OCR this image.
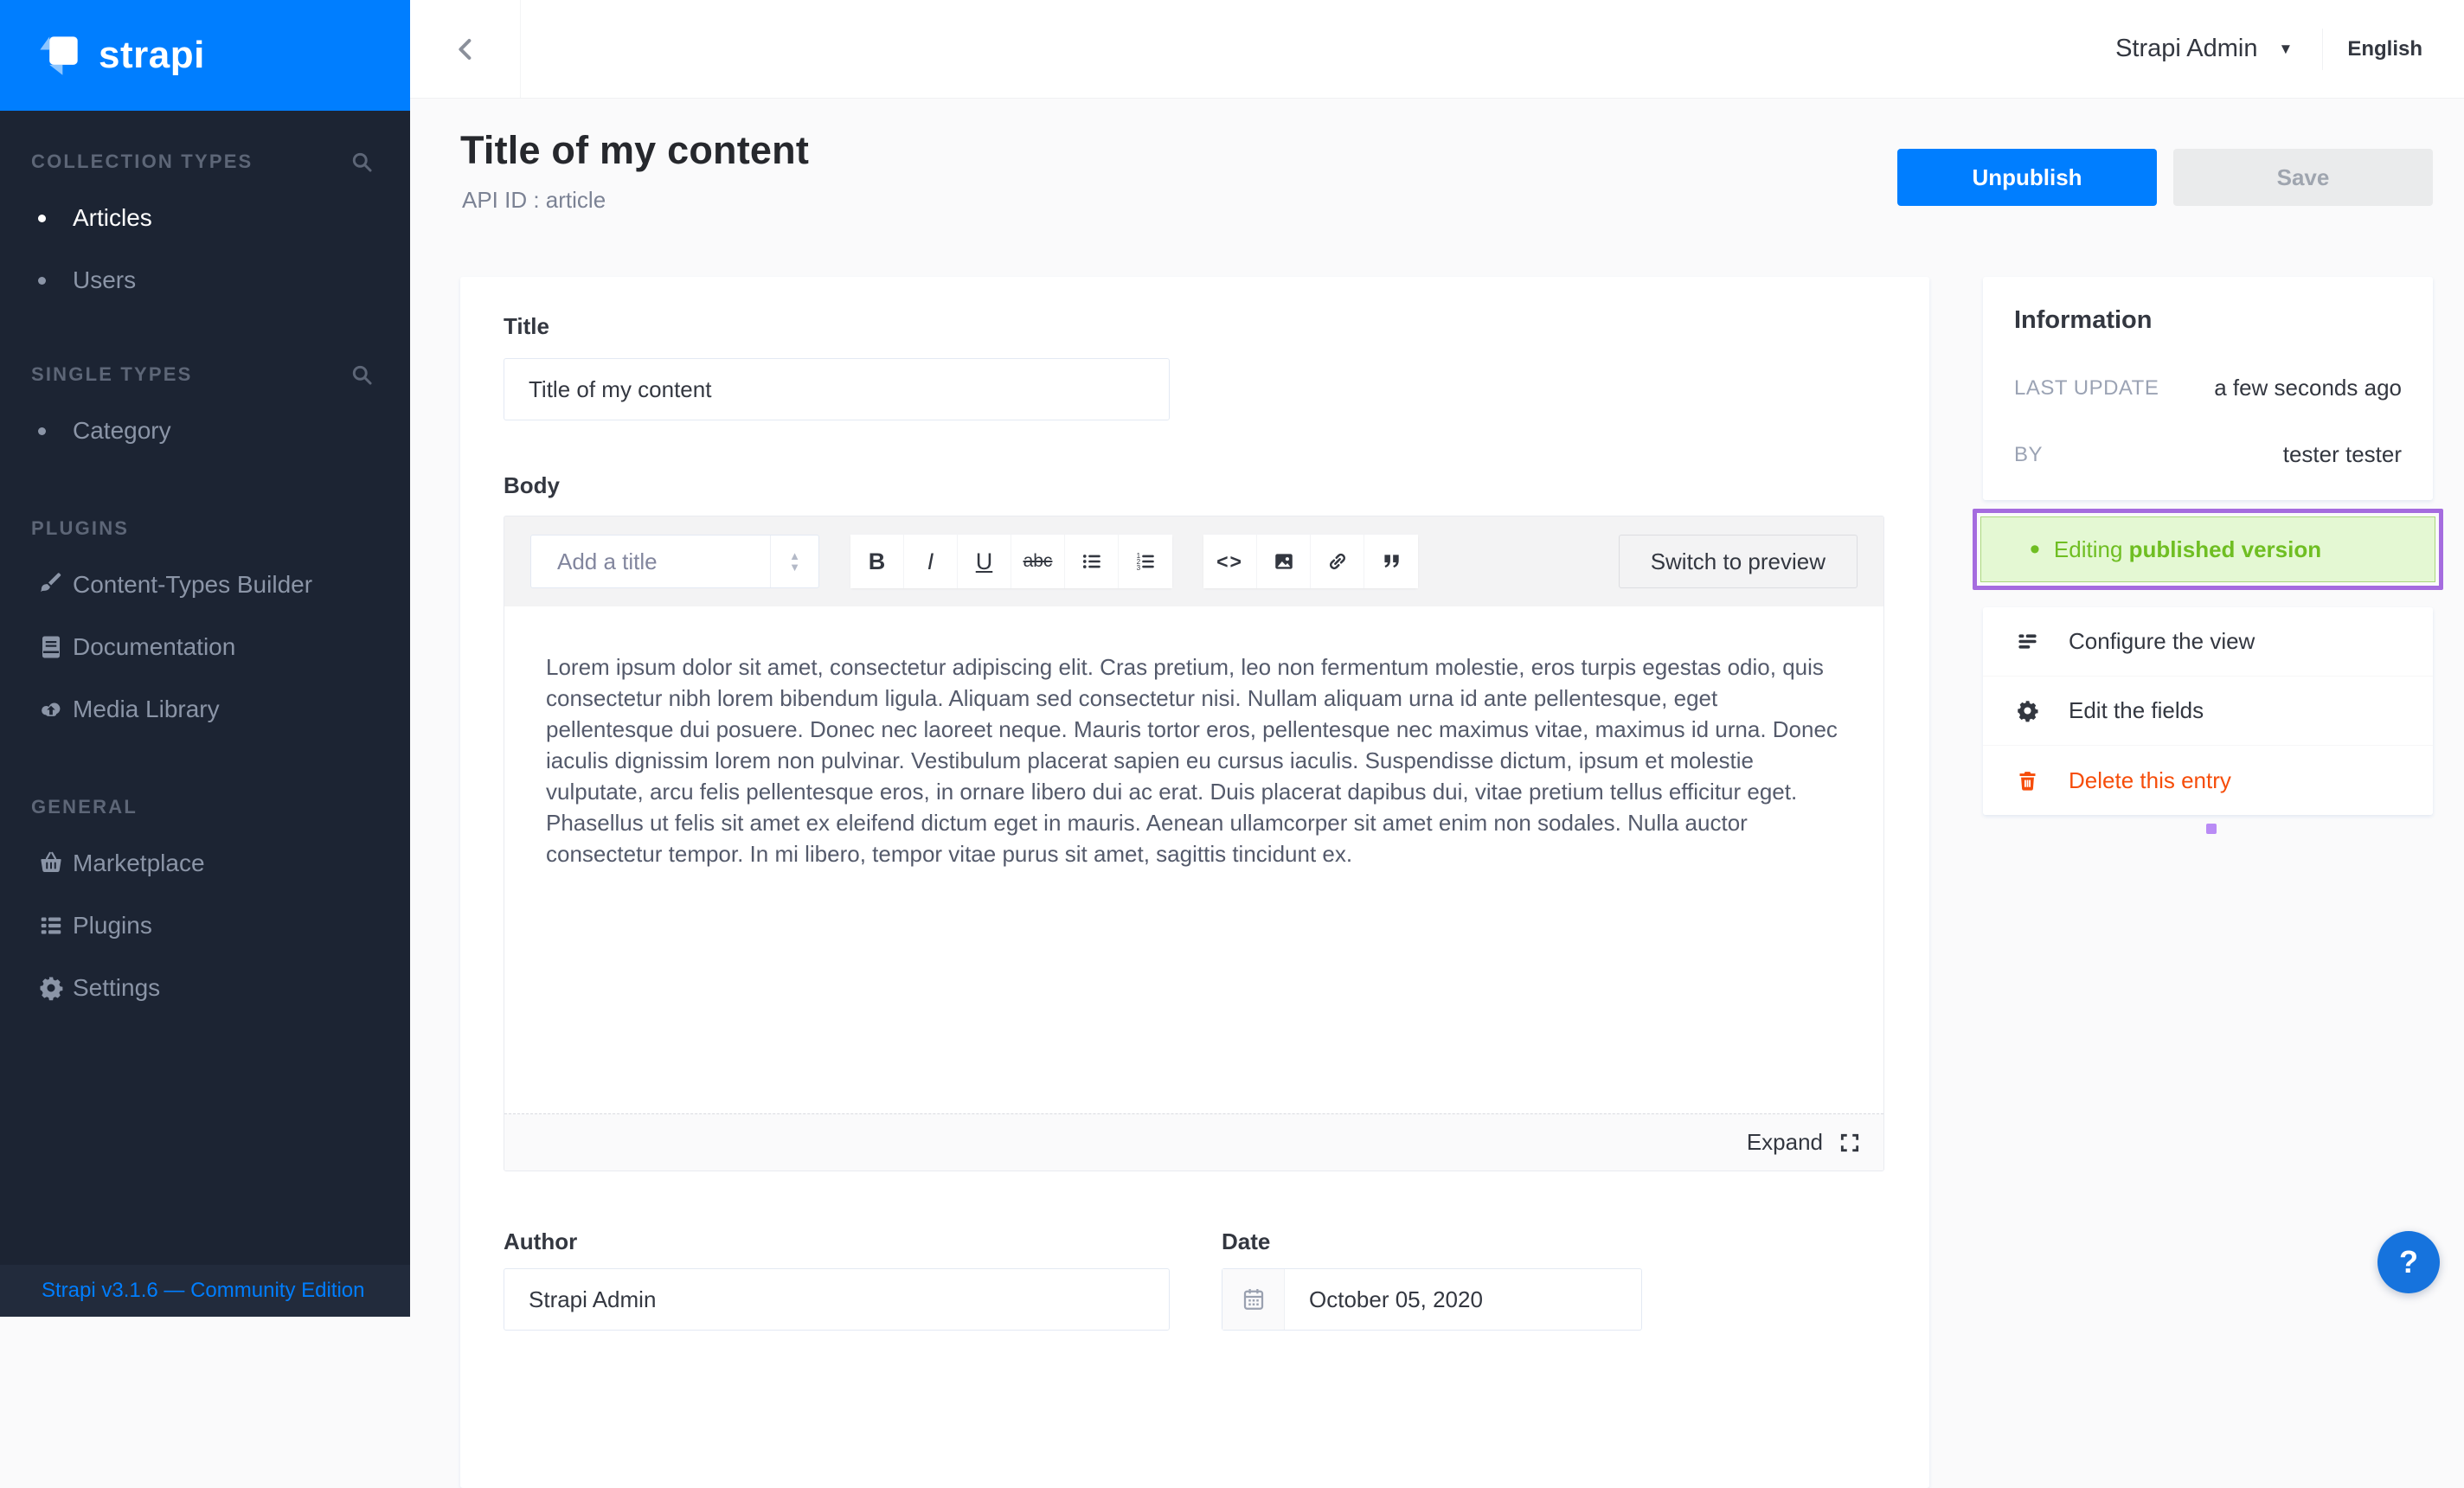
strapi
COLLECTION TYPES
Articles
Users
SINGLE TYPES
Category
PLUGINS
Content-Types Builder
Documentation
Media Library
GENERAL
Marketplace
Plugins
Settings
Strapi v3.1.6 — Community Edition
Strapi Admin ▼	English
Title of my content
API ID : article
Unpublish	Save
Title
Title of my content
Body
Add a title	▲
▼	B I U abc	1
2
3	<>	Switch to preview

Lorem ipsum dolor sit amet, consectetur adipiscing elit. Cras pretium, leo non fermentum molestie, eros turpis egestas odio, quis consectetur nibh lorem bibendum ligula. Aliquam sed consectetur nisi. Nullam aliquam urna id ante pellentesque, eget pellentesque dui posuere. Donec nec laoreet neque. Mauris tortor eros, pellentesque nec maximus vitae, maximus id urna. Donec iaculis dignissim lorem non pulvinar. Vestibulum placerat sapien eu cursus iaculis. Suspendisse dictum, ipsum et molestie vulputate, arcu felis pellentesque eros, in ornare libero dui ac erat. Duis placerat dapibus dui, vitae pretium tellus efficitur eget. Phasellus ut felis sit amet ex eleifend dictum eget in mauris. Aenean ullamcorper sit amet enim non sodales. Nulla auctor consectetur tempor. In mi libero, tempor vitae purus sit amet, sagittis tincidunt ex.

Expand
Author
Strapi Admin	Date
October 05, 2020
Information
LAST UPDATE a few seconds ago
BY	tester tester
• Editing published version
Configure the view
Edit the fields
Delete this entry
?
